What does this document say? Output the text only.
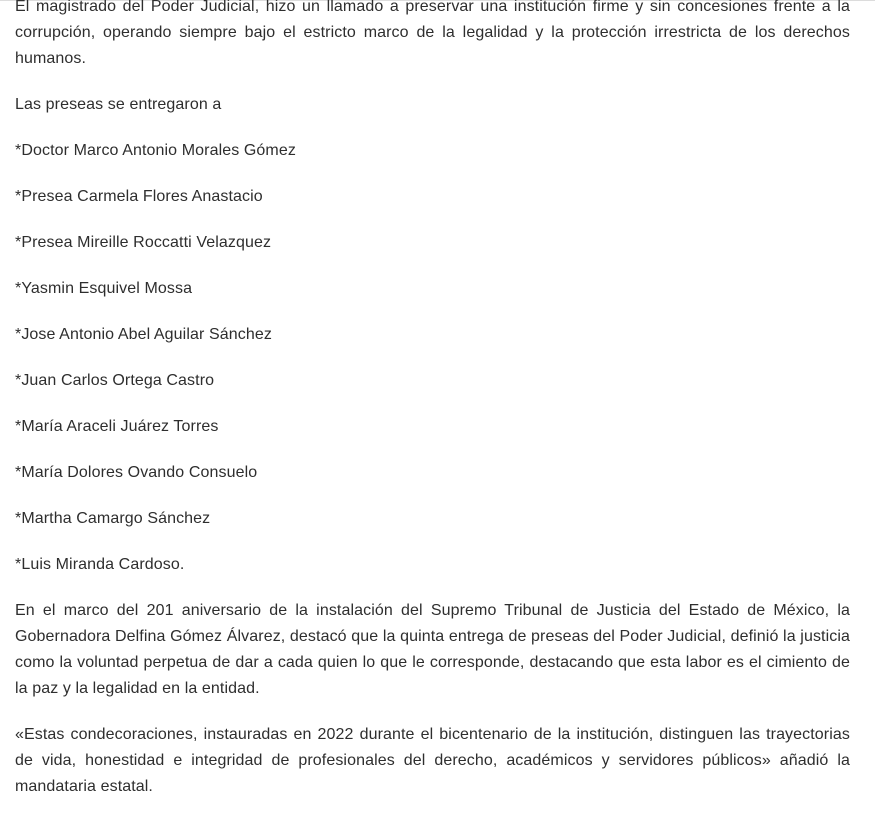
El magistrado del Poder Judicial, hizo un llamado a preservar una institución firme y sin concesiones frente a la corrupción, operando siempre bajo el estricto marco de la legalidad y la protección irrestricta de los derechos humanos.

Las preseas se entregaron a

*Doctor Marco Antonio Morales Gómez

*Presea Carmela Flores Anastacio

*Presea Mireille Roccatti Velazquez

*Yasmin Esquivel Mossa

*Jose Antonio Abel Aguilar Sánchez

*Juan Carlos Ortega Castro

*María Araceli Juárez Torres

*María Dolores Ovando Consuelo

*Martha Camargo Sánchez

*Luis Miranda Cardoso.

En el marco del 201 aniversario de la instalación del Supremo Tribunal de Justicia del Estado de México, la Gobernadora Delfina Gómez Álvarez, destacó que la quinta entrega de preseas del Poder Judicial, definió la justicia como la voluntad perpetua de dar a cada quien lo que le corresponde, destacando que esta labor es el cimiento de la paz y la legalidad en la entidad.

«Estas condecoraciones, instauradas en 2022 durante el bicentenario de la institución, distinguen las trayectorias de vida, honestidad e integridad de profesionales del derecho, académicos y servidores públicos» añadió la mandataria estatal.
